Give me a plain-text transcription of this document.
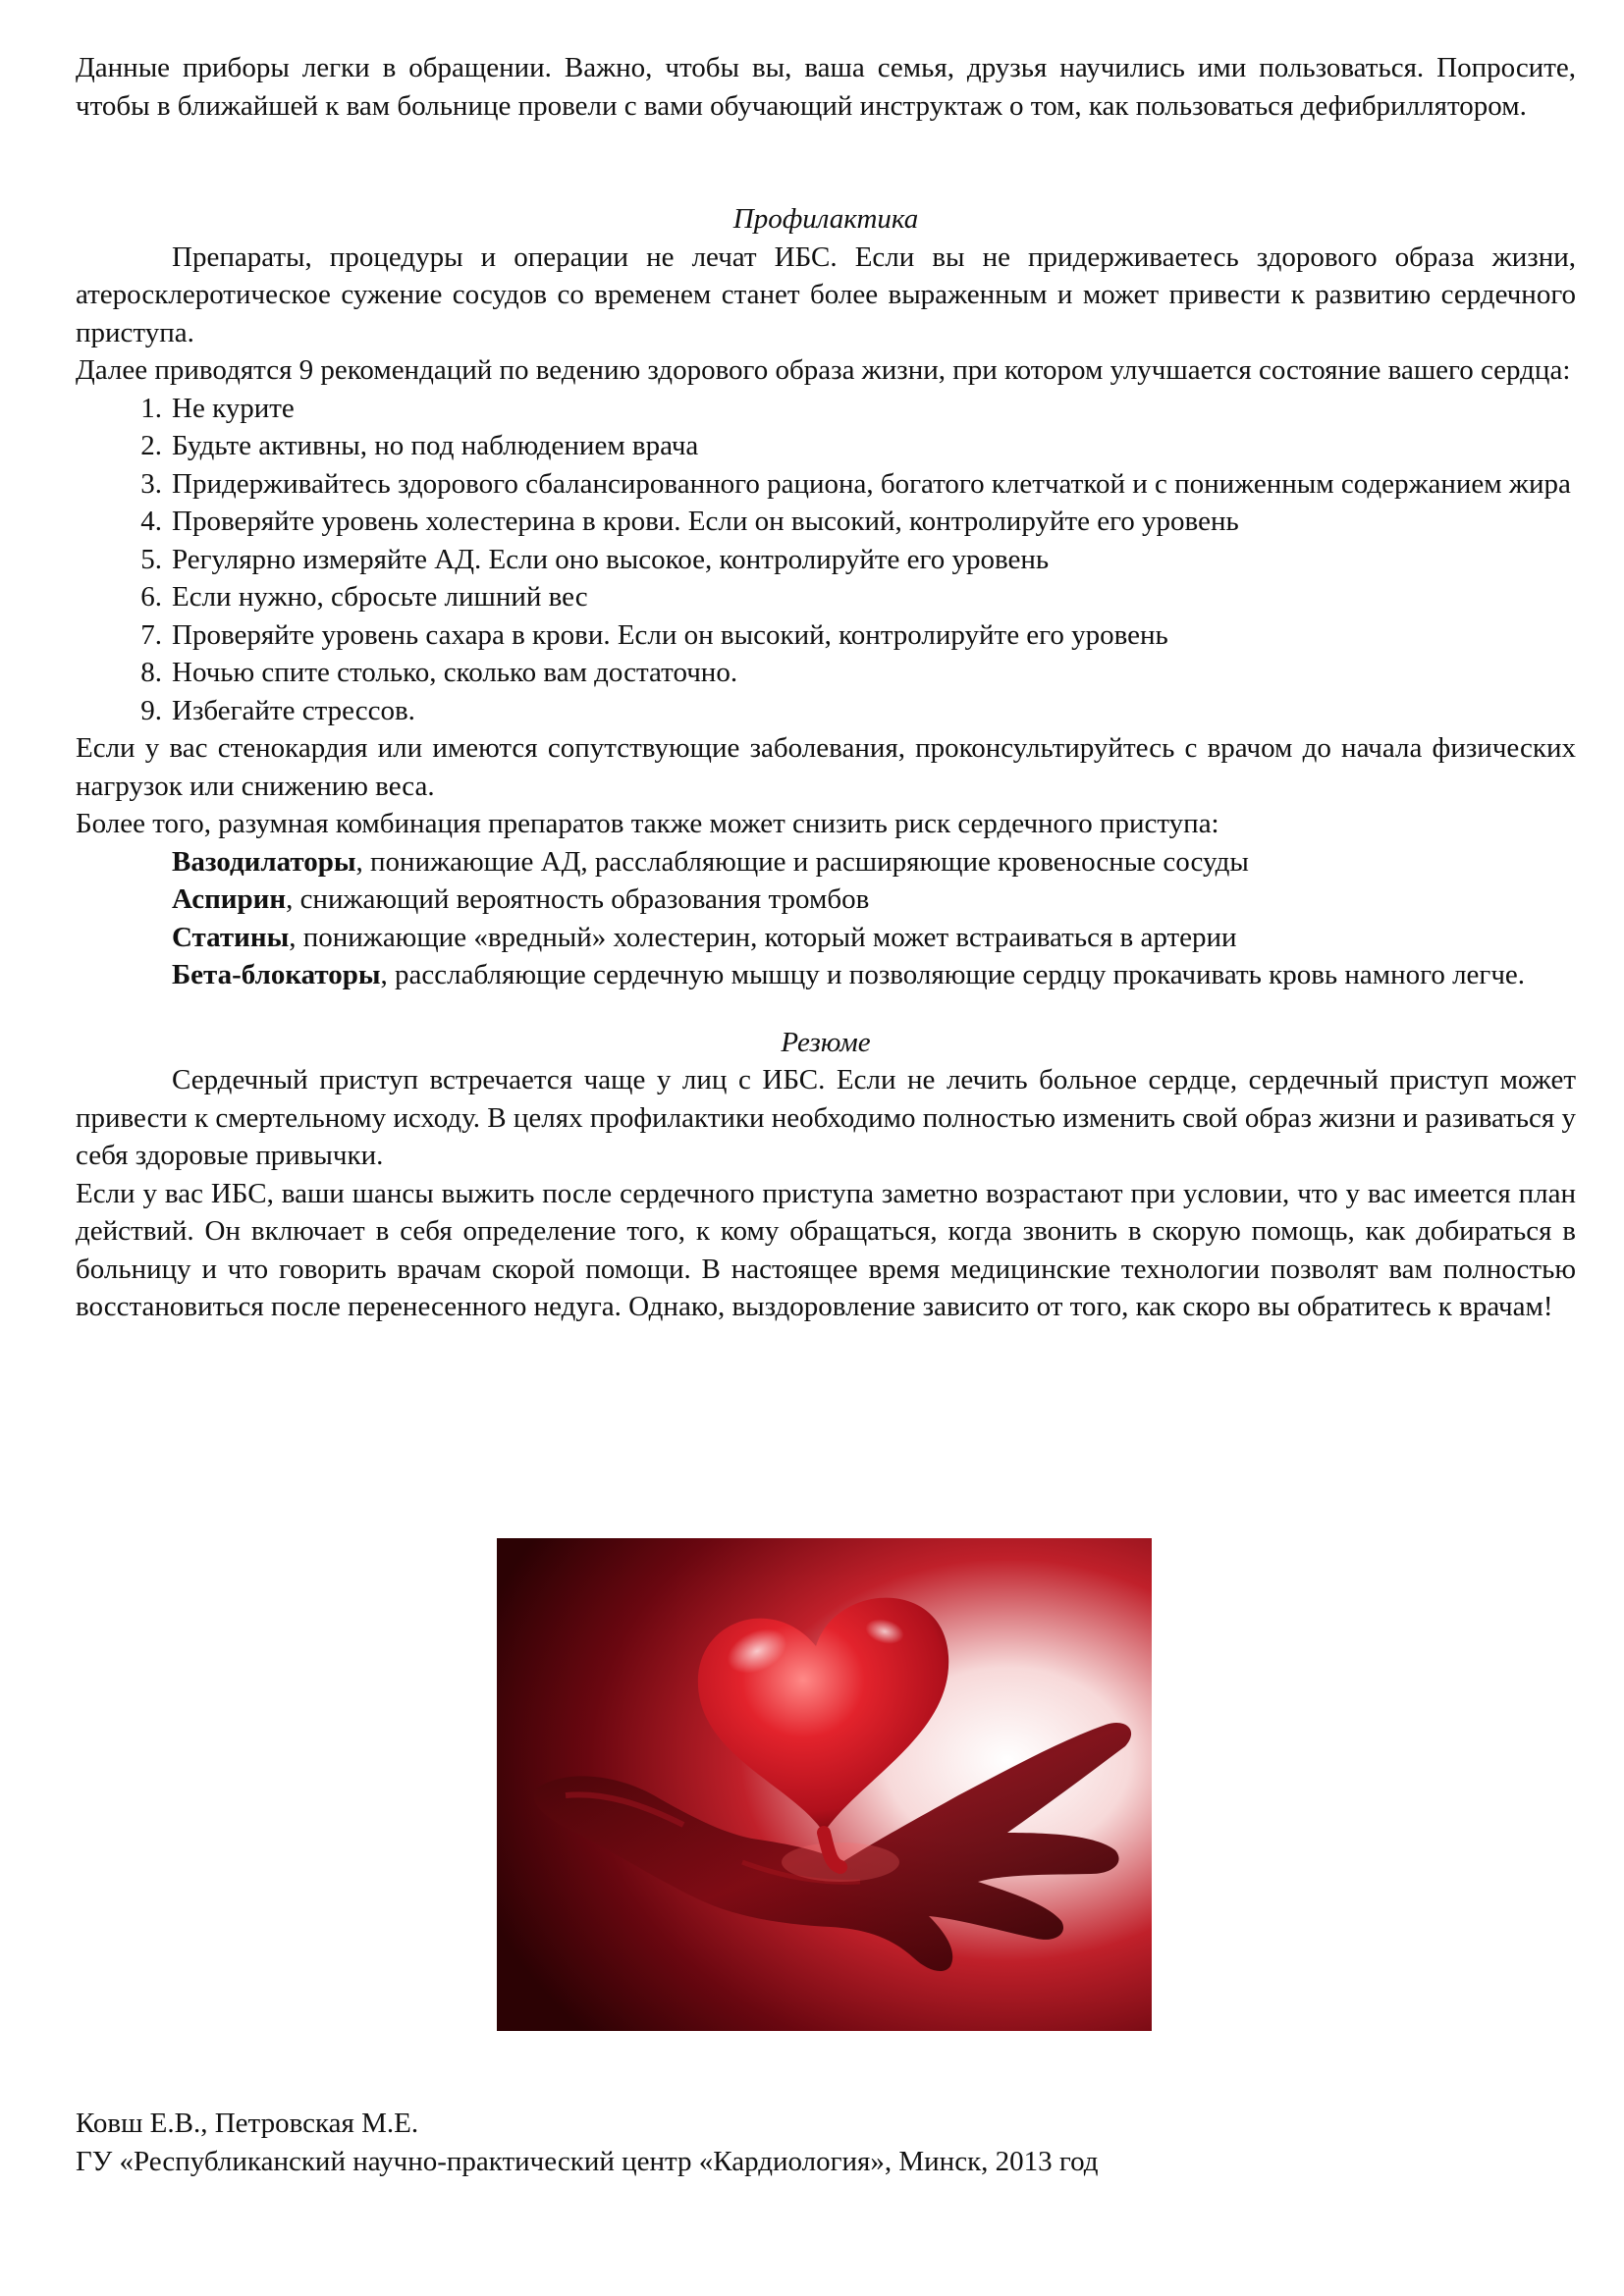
Данные приборы легки в обращении. Важно, чтобы вы, ваша семья, друзья научились ими пользоваться. Попросите, чтобы в ближайшей к вам больнице провели с вами обучающий инструктаж о том, как пользоваться дефибриллятором.

Профилактика

Препараты, процедуры и операции не лечат ИБС. Если вы не придерживаетесь здорового образа жизни, атеросклеротическое сужение сосудов со временем станет более выраженным и может привести к развитию сердечного приступа.

Далее приводятся 9 рекомендаций по ведению здорового образа жизни, при котором улучшается состояние вашего сердца:

1. Не курите
2. Будьте активны, но под наблюдением врача
3. Придерживайтесь здорового сбалансированного рациона, богатого клетчаткой и с пониженным содержанием жира
4. Проверяйте уровень холестерина в крови. Если он высокий, контролируйте его уровень
5. Регулярно измеряйте АД. Если оно высокое, контролируйте его уровень
6. Если нужно, сбросьте лишний вес
7. Проверяйте уровень сахара в крови. Если он высокий, контролируйте его уровень
8. Ночью спите столько, сколько вам достаточно.
9. Избегайте стрессов.

Если у вас стенокардия или имеются сопутствующие заболевания, проконсультируйтесь с врачом до начала физических нагрузок или снижению веса.

Более того, разумная комбинация препаратов также может снизить риск сердечного приступа:

Вазодилаторы, понижающие АД, расслабляющие и расширяющие кровеносные сосуды

Аспирин, снижающий вероятность образования тромбов

Статины, понижающие «вредный» холестерин, который может встраиваться в артерии

Бета-блокаторы, расслабляющие сердечную мышцу и позволяющие сердцу прокачивать кровь намного легче.

Резюме

Сердечный приступ встречается чаще у лиц с ИБС. Если не лечить больное сердце, сердечный приступ может привести к смертельному исходу. В целях профилактики необходимо полностью изменить свой образ жизни и разиваться у себя здоровые привычки.

Если у вас ИБС, ваши шансы выжить после сердечного приступа заметно возрастают при условии, что у вас имеется план действий. Он включает в себя определение того, к кому обращаться, когда звонить в скорую помощь, как добираться в больницу и что говорить врачам скорой помощи. В настоящее время медицинские технологии позволят вам полностью восстановиться после перенесенного недуга. Однако, выздоровление зависито от того, как скоро вы обратитесь к врачам!

Ковш Е.В., Петровская М.Е.
ГУ «Республиканский научно-практический центр «Кардиология», Минск, 2013 год
